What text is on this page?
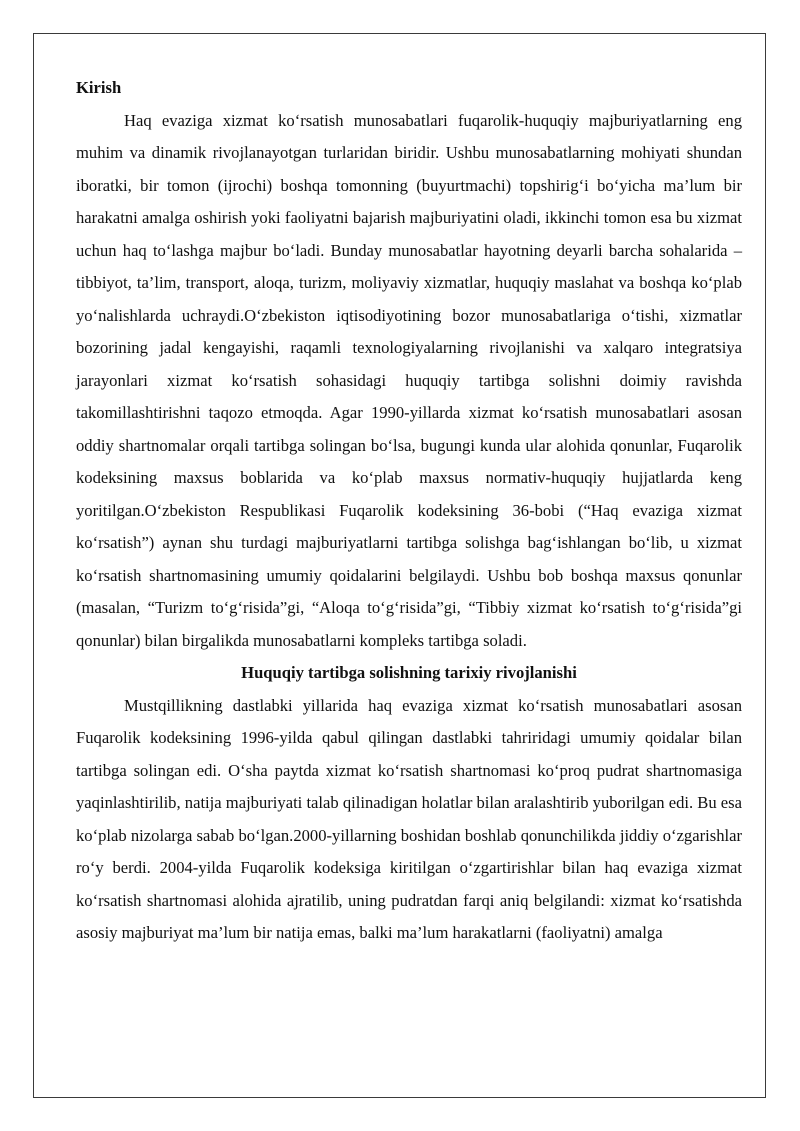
Kirish

Haq evaziga xizmat ko‘rsatish munosabatlari fuqarolik-huquqiy majburiyatlarning eng muhim va dinamik rivojlanayotgan turlaridan biridir. Ushbu munosabatlarning mohiyati shundan iboratki, bir tomon (ijrochi) boshqa tomonning (buyurtmachi) topshirig‘i bo‘yicha ma’lum bir harakatni amalga oshirish yoki faoliyatni bajarish majburiyatini oladi, ikkinchi tomon esa bu xizmat uchun haq to‘lashga majbur bo‘ladi. Bunday munosabatlar hayotning deyarli barcha sohalarida – tibbiyot, ta’lim, transport, aloqa, turizm, moliyaviy xizmatlar, huquqiy maslahat va boshqa ko‘plab yo‘nalishlarda uchraydi.O‘zbekiston iqtisodiyotining bozor munosabatlariga o‘tishi, xizmatlar bozorining jadal kengayishi, raqamli texnologiyalarning rivojlanishi va xalqaro integratsiya jarayonlari xizmat ko‘rsatish sohasidagi huquqiy tartibga solishni doimiy ravishda takomillashtirishni taqozo etmoqda. Agar 1990-yillarda xizmat ko‘rsatish munosabatlari asosan oddiy shartnomalar orqali tartibga solingan bo‘lsa, bugungi kunda ular alohida qonunlar, Fuqarolik kodeksining maxsus boblarida va ko‘plab maxsus normativ-huquqiy hujjatlarda keng yoritilgan.O‘zbekiston Respublikasi Fuqarolik kodeksining 36-bobi (“Haq evaziga xizmat ko‘rsatish”) aynan shu turdagi majburiyatlarni tartibga solishga bag‘ishlangan bo‘lib, u xizmat ko‘rsatish shartnomasining umumiy qoidalarini belgilaydi. Ushbu bob boshqa maxsus qonunlar (masalan, “Turizm to‘g‘risida”gi, “Aloqa to‘g‘risida”gi, “Tibbiy xizmat ko‘rsatish to‘g‘risida”gi qonunlar) bilan birgalikda munosabatlarni kompleks tartibga soladi.

Huquqiy tartibga solishning tarixiy rivojlanishi

Mustqillikning dastlabki yillarida haq evaziga xizmat ko‘rsatish munosabatlari asosan Fuqarolik kodeksining 1996-yilda qabul qilingan dastlabki tahriridagi umumiy qoidalar bilan tartibga solingan edi. O‘sha paytda xizmat ko‘rsatish shartnomasi ko‘proq pudrat shartnomasiga yaqinlashtirilib, natija majburiyati talab qilinadigan holatlar bilan aralashtirib yuborilgan edi. Bu esa ko‘plab nizolarga sabab bo‘lgan.2000-yillarning boshidan boshlab qonunchilikda jiddiy o‘zgarishlar ro‘y berdi. 2004-yilda Fuqarolik kodeksiga kiritilgan o‘zgartirishlar bilan haq evaziga xizmat ko‘rsatish shartnomasi alohida ajratilib, uning pudratdan farqi aniq belgilandi: xizmat ko‘rsatishda asosiy majburiyat ma’lum bir natija emas, balki ma’lum harakatlarni (faoliyatni) amalga
